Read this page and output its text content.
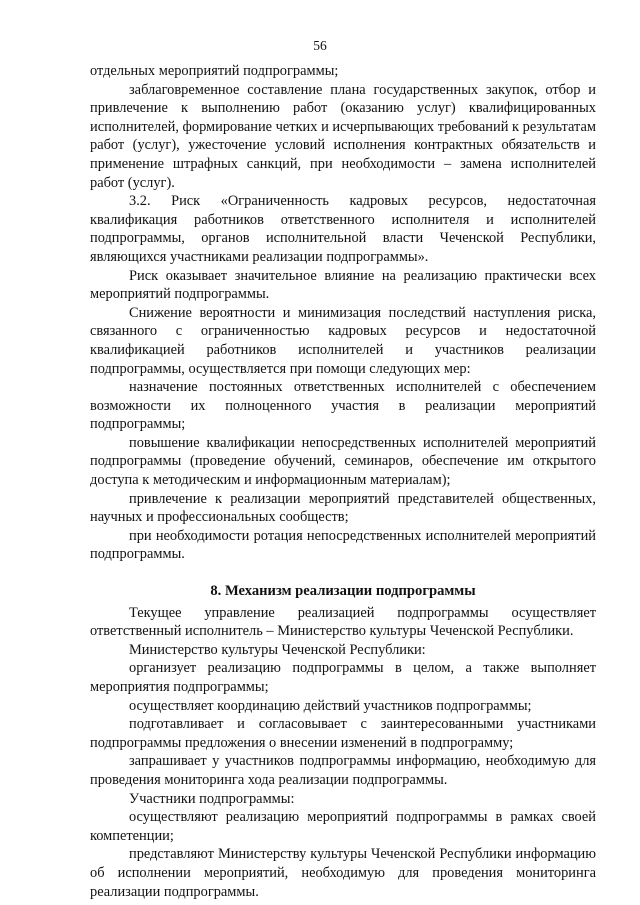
56

отдельных мероприятий подпрограммы;

заблаговременное составление плана государственных закупок, отбор и привлечение к выполнению работ (оказанию услуг) квалифицированных исполнителей, формирование четких и исчерпывающих требований к результатам работ (услуг), ужесточение условий исполнения контрактных обязательств и применение штрафных санкций, при необходимости – замена исполнителей работ (услуг).

3.2. Риск «Ограниченность кадровых ресурсов, недостаточная квалификация работников ответственного исполнителя и исполнителей подпрограммы, органов исполнительной власти Чеченской Республики, являющихся участниками реализации подпрограммы».

Риск оказывает значительное влияние на реализацию практически всех мероприятий подпрограммы.

Снижение вероятности и минимизация последствий наступления риска, связанного с ограниченностью кадровых ресурсов и недостаточной квалификацией работников исполнителей и участников реализации подпрограммы, осуществляется при помощи следующих мер:

назначение постоянных ответственных исполнителей с обеспечением возможности их полноценного участия в реализации мероприятий подпрограммы;

повышение квалификации непосредственных исполнителей мероприятий подпрограммы (проведение обучений, семинаров, обеспечение им открытого доступа к методическим и информационным материалам);

привлечение к реализации мероприятий представителей общественных, научных и профессиональных сообществ;

при необходимости ротация непосредственных исполнителей мероприятий подпрограммы.

8. Механизм реализации подпрограммы

Текущее управление реализацией подпрограммы осуществляет ответственный исполнитель – Министерство культуры Чеченской Республики.

Министерство культуры Чеченской Республики:

организует реализацию подпрограммы в целом, а также выполняет мероприятия подпрограммы;

осуществляет координацию действий участников подпрограммы;

подготавливает и согласовывает с заинтересованными участниками подпрограммы предложения о внесении изменений в подпрограмму;

запрашивает у участников подпрограммы информацию, необходимую для проведения мониторинга хода реализации подпрограммы.

Участники подпрограммы:

осуществляют реализацию мероприятий подпрограммы в рамках своей компетенции;

представляют Министерству культуры Чеченской Республики информацию об исполнении мероприятий, необходимую для проведения мониторинга реализации подпрограммы.
